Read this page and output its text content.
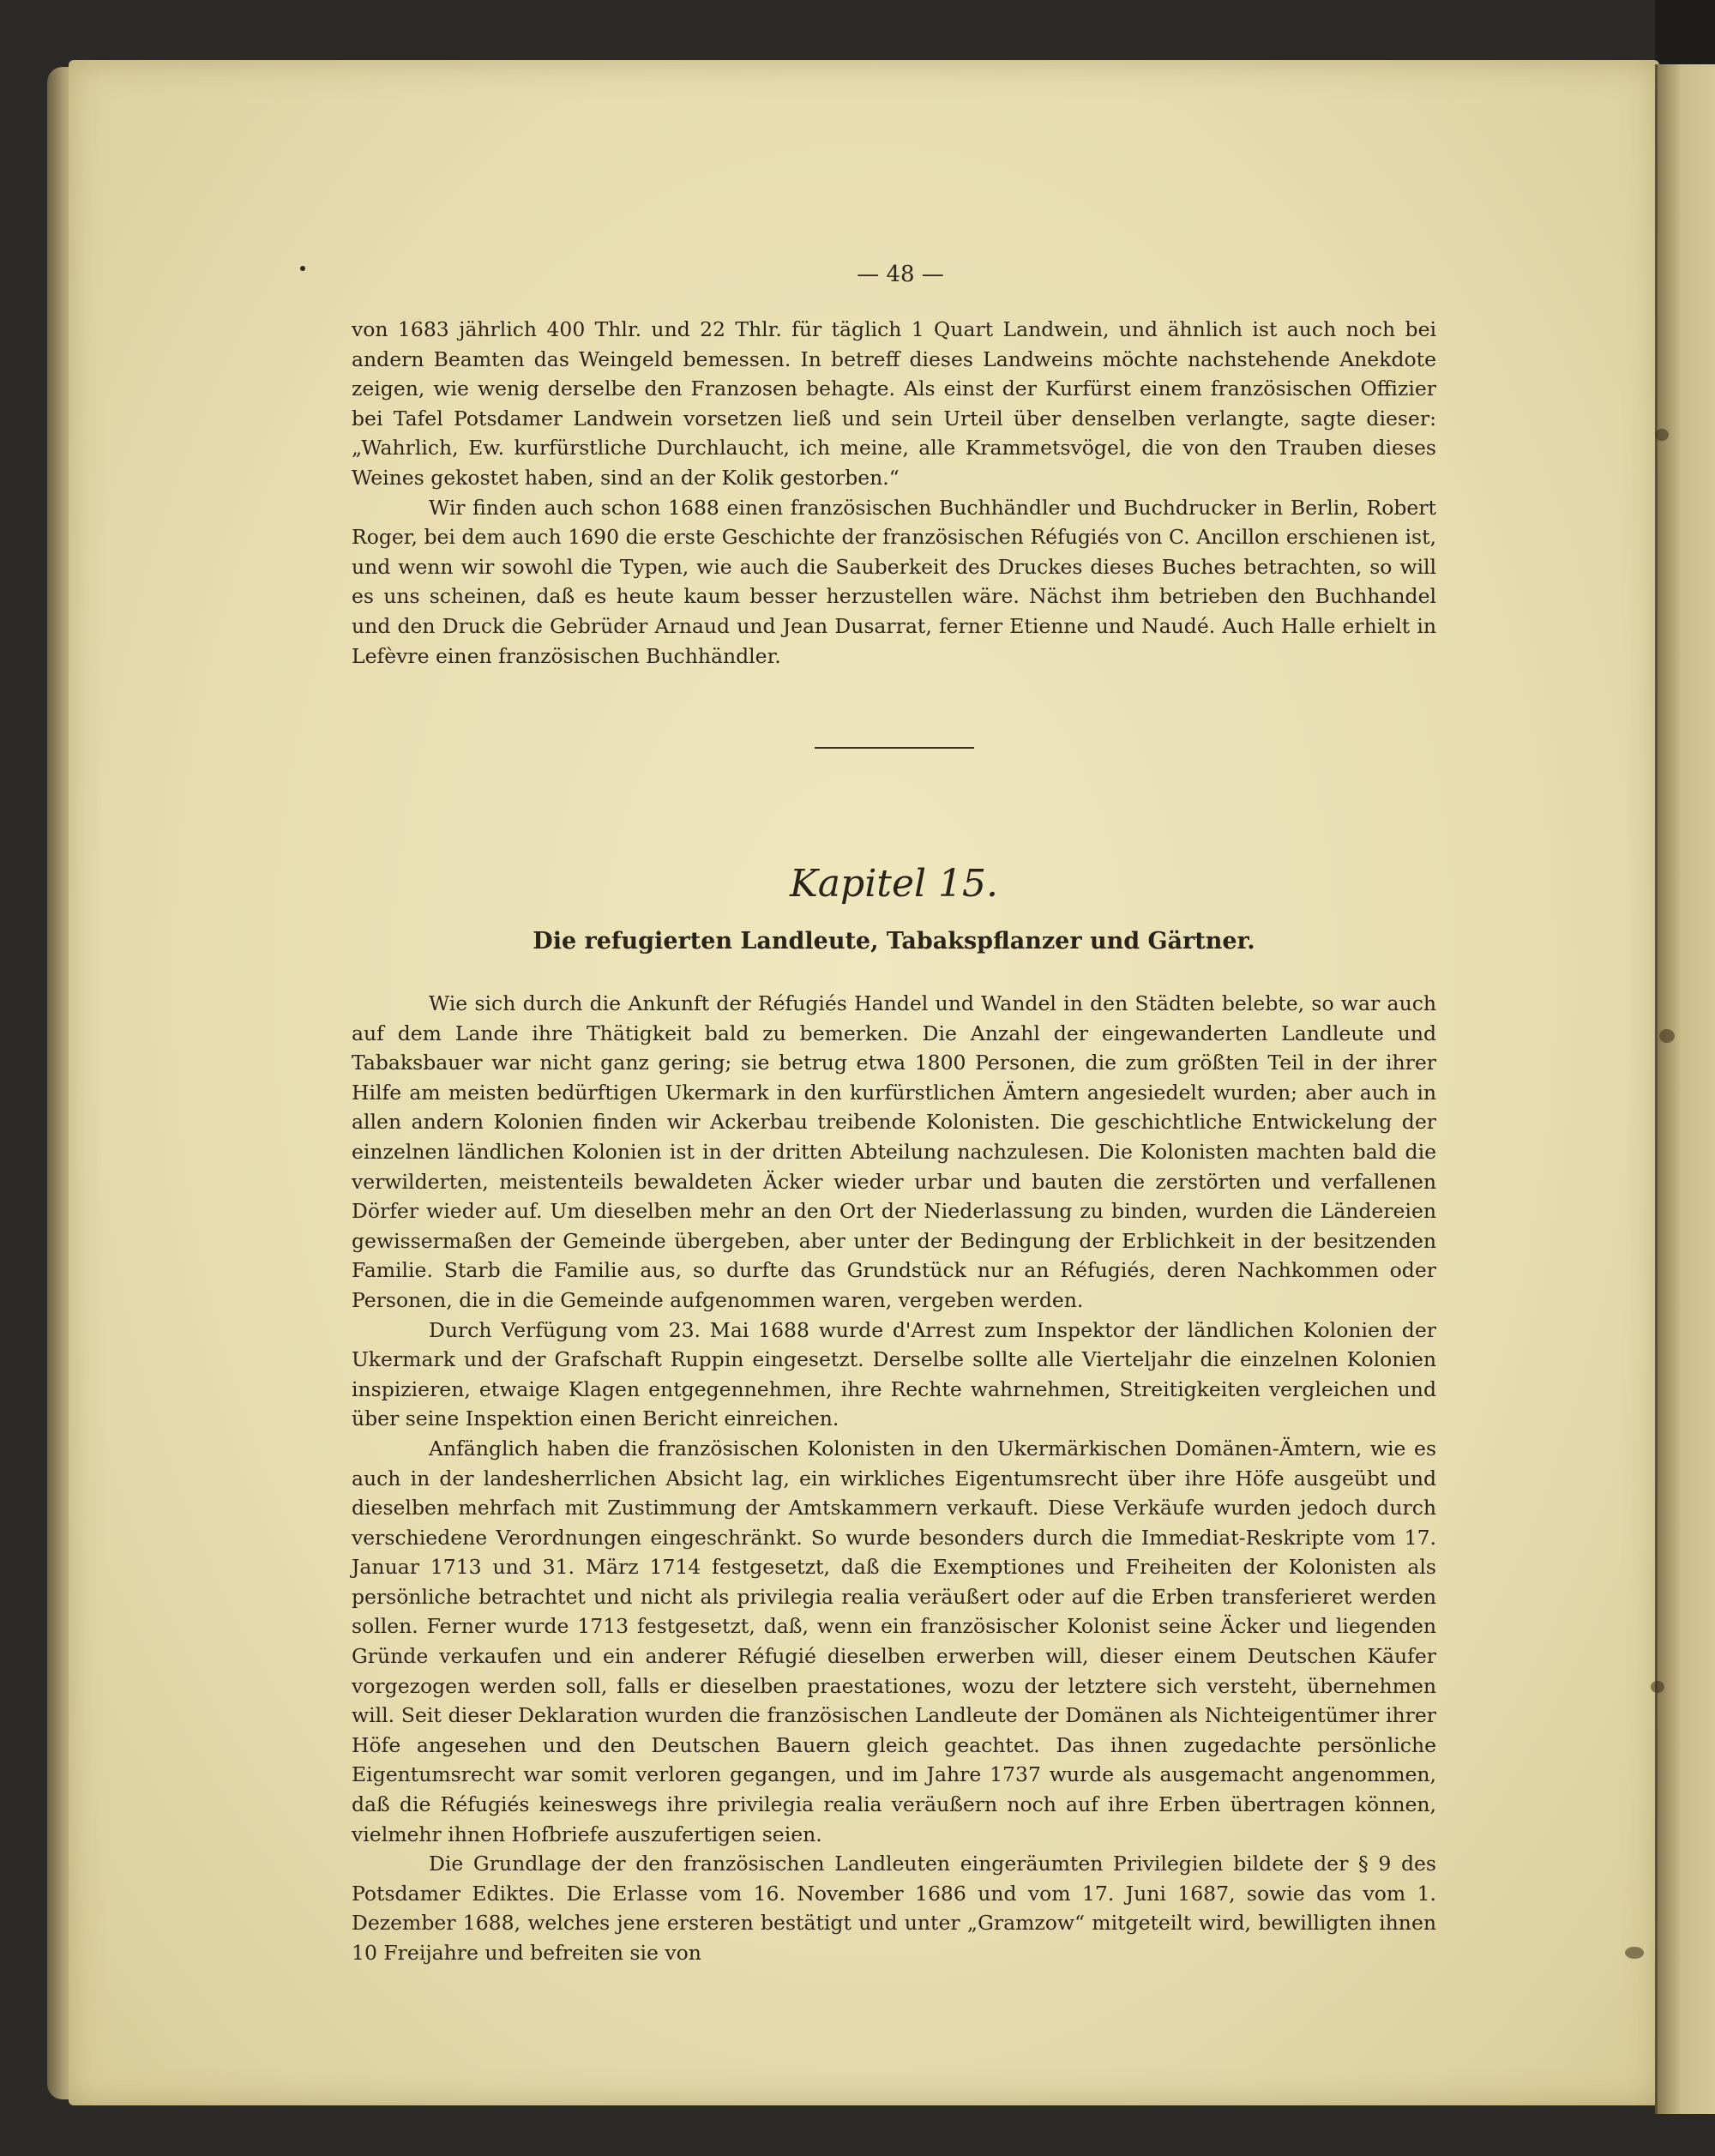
— 48 —

von 1683 jährlich 400 Thlr. und 22 Thlr. für täglich 1 Quart Landwein, und ähnlich ist auch noch bei andern Beamten das Weingeld bemessen. In betreff dieses Landweins möchte nachstehende Anekdote zeigen, wie wenig derselbe den Franzosen behagte. Als einst der Kurfürst einem französischen Offizier bei Tafel Potsdamer Landwein vorsetzen ließ und sein Urteil über denselben verlangte, sagte dieser: „Wahrlich, Ew. kurfürstliche Durchlaucht, ich meine, alle Krammetsvögel, die von den Trauben dieses Weines gekostet haben, sind an der Kolik gestorben.“

Wir finden auch schon 1688 einen französischen Buchhändler und Buchdrucker in Berlin, Robert Roger, bei dem auch 1690 die erste Geschichte der französischen Réfugiés von C. Ancillon erschienen ist, und wenn wir sowohl die Typen, wie auch die Sauberkeit des Druckes dieses Buches betrachten, so will es uns scheinen, daß es heute kaum besser herzustellen wäre. Nächst ihm betrieben den Buchhandel und den Druck die Gebrüder Arnaud und Jean Dusarrat, ferner Etienne und Naudé. Auch Halle erhielt in Lefèvre einen französischen Buchhändler.

Kapitel 15.
Die refugierten Landleute, Tabakspflanzer und Gärtner.

Wie sich durch die Ankunft der Réfugiés Handel und Wandel in den Städten belebte, so war auch auf dem Lande ihre Thätigkeit bald zu bemerken. Die Anzahl der eingewanderten Landleute und Tabaksbauer war nicht ganz gering; sie betrug etwa 1800 Personen, die zum größten Teil in der ihrer Hilfe am meisten bedürftigen Ukermark in den kurfürstlichen Ämtern angesiedelt wurden; aber auch in allen andern Kolonien finden wir Ackerbau treibende Kolonisten. Die geschichtliche Entwickelung der einzelnen ländlichen Kolonien ist in der dritten Abteilung nachzulesen. Die Kolonisten machten bald die verwilderten, meistenteils bewaldeten Äcker wieder urbar und bauten die zerstörten und verfallenen Dörfer wieder auf. Um dieselben mehr an den Ort der Niederlassung zu binden, wurden die Ländereien gewissermaßen der Gemeinde übergeben, aber unter der Bedingung der Erblichkeit in der besitzenden Familie. Starb die Familie aus, so durfte das Grundstück nur an Réfugiés, deren Nachkommen oder Personen, die in die Gemeinde aufgenommen waren, vergeben werden.

Durch Verfügung vom 23. Mai 1688 wurde d'Arrest zum Inspektor der ländlichen Kolonien der Ukermark und der Grafschaft Ruppin eingesetzt. Derselbe sollte alle Vierteljahr die einzelnen Kolonien inspizieren, etwaige Klagen entgegennehmen, ihre Rechte wahrnehmen, Streitigkeiten vergleichen und über seine Inspektion einen Bericht einreichen.

Anfänglich haben die französischen Kolonisten in den Ukermärkischen Domänen-Ämtern, wie es auch in der landesherrlichen Absicht lag, ein wirkliches Eigentumsrecht über ihre Höfe ausgeübt und dieselben mehrfach mit Zustimmung der Amtskammern verkauft. Diese Verkäufe wurden jedoch durch verschiedene Verordnungen eingeschränkt. So wurde besonders durch die Immediat-Reskripte vom 17. Januar 1713 und 31. März 1714 festgesetzt, daß die Exemptiones und Freiheiten der Kolonisten als persönliche betrachtet und nicht als privilegia realia veräußert oder auf die Erben transferieret werden sollen. Ferner wurde 1713 festgesetzt, daß, wenn ein französischer Kolonist seine Äcker und liegenden Gründe verkaufen und ein anderer Réfugié dieselben erwerben will, dieser einem Deutschen Käufer vorgezogen werden soll, falls er dieselben praestationes, wozu der letztere sich versteht, übernehmen will. Seit dieser Deklaration wurden die französischen Landleute der Domänen als Nichteigentümer ihrer Höfe angesehen und den Deutschen Bauern gleich geachtet. Das ihnen zugedachte persönliche Eigentumsrecht war somit verloren gegangen, und im Jahre 1737 wurde als ausgemacht angenommen, daß die Réfugiés keineswegs ihre privilegia realia veräußern noch auf ihre Erben übertragen können, vielmehr ihnen Hofbriefe auszufertigen seien.

Die Grundlage der den französischen Landleuten eingeräumten Privilegien bildete der § 9 des Potsdamer Ediktes. Die Erlasse vom 16. November 1686 und vom 17. Juni 1687, sowie das vom 1. Dezember 1688, welches jene ersteren bestätigt und unter „Gramzow“ mitgeteilt wird, bewilligten ihnen 10 Freijahre und befreiten sie von
